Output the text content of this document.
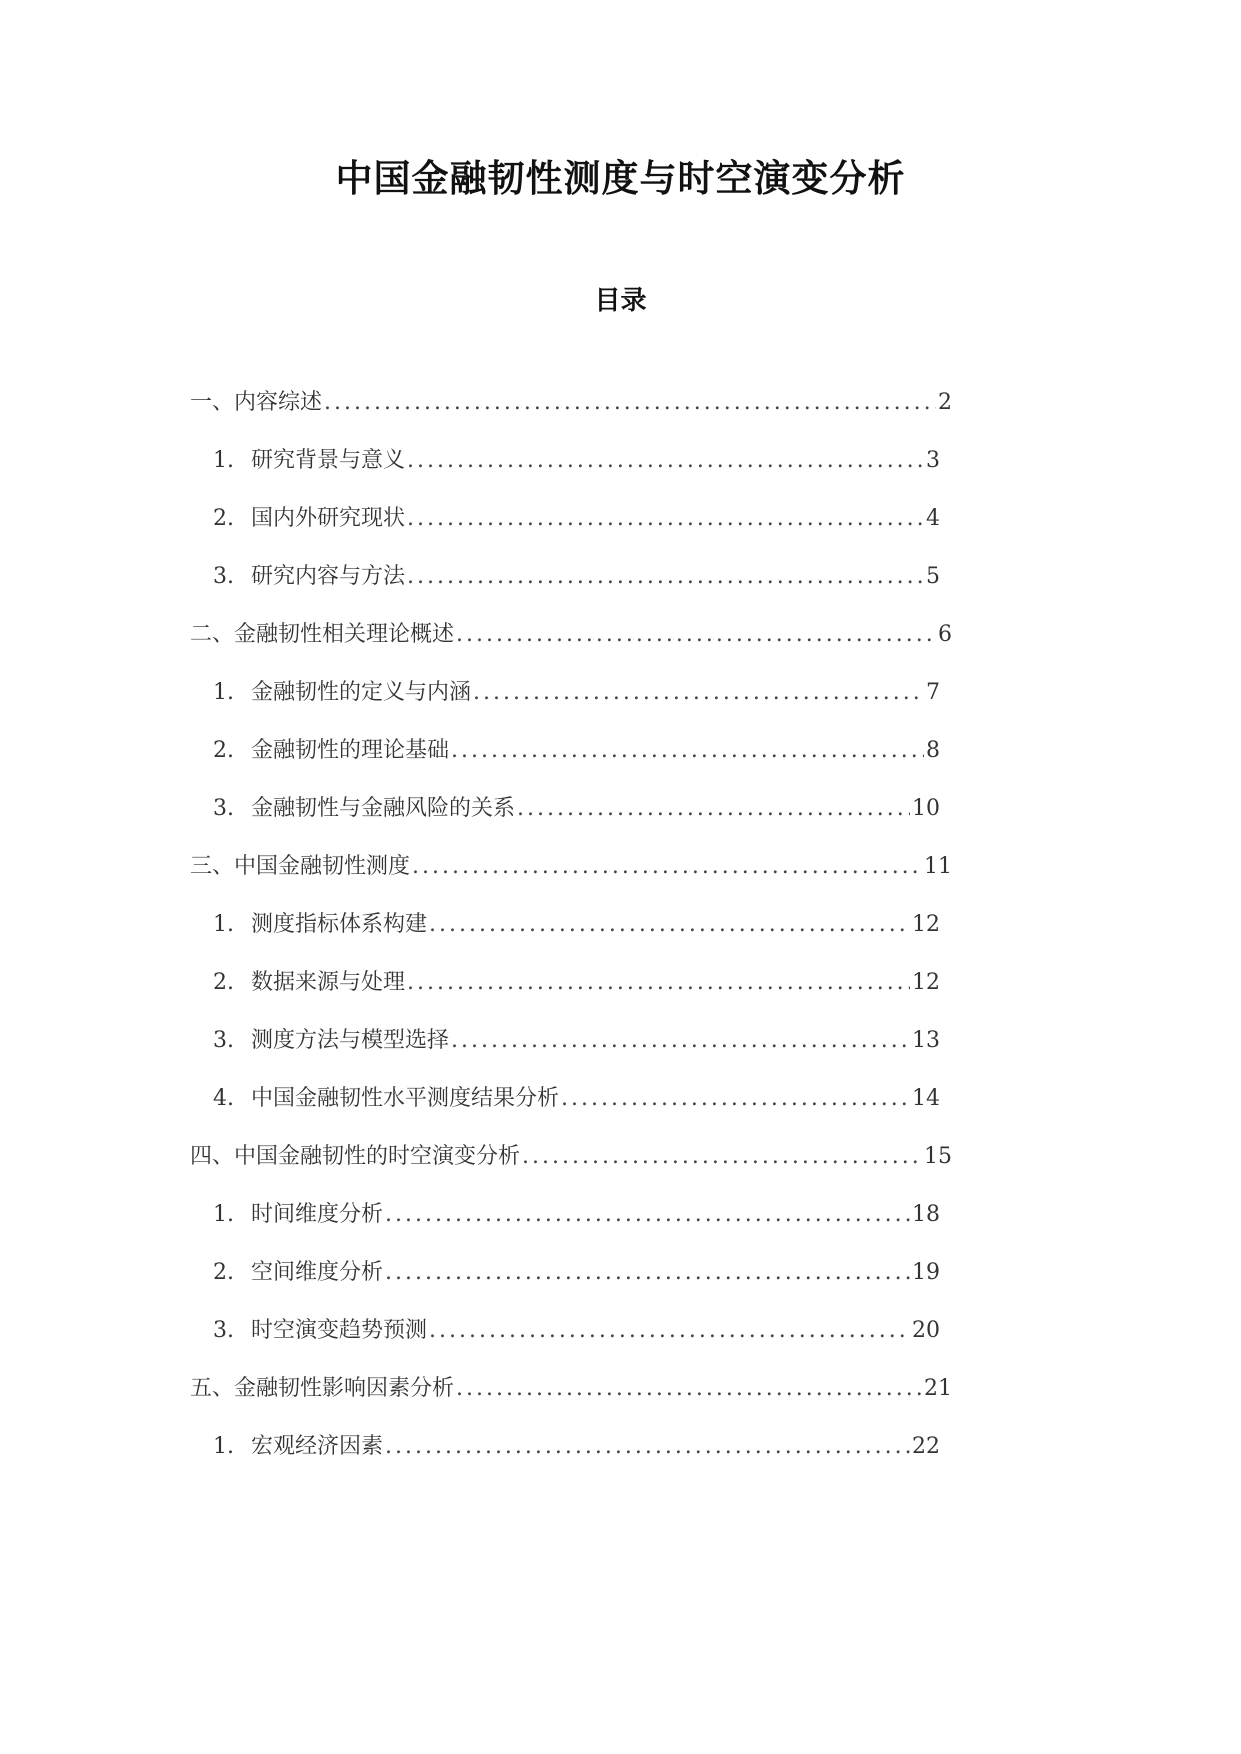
中国金融韧性测度与时空演变分析
目录
一、内容综述 .....	2
1. 研究背景与意义 .....	3
2. 国内外研究现状 .....	4
3. 研究内容与方法 .....	5
二、金融韧性相关理论概述 .....	6
1. 金融韧性的定义与内涵 .....	7
2. 金融韧性的理论基础 .....	8
3. 金融韧性与金融风险的关系 .....	10
三、中国金融韧性测度 .....	11
1. 测度指标体系构建 .....	12
2. 数据来源与处理 .....	12
3. 测度方法与模型选择 .....	13
4. 中国金融韧性水平测度结果分析 .....	14
四、中国金融韧性的时空演变分析 .....	15
1. 时间维度分析 .....	18
2. 空间维度分析 .....	19
3. 时空演变趋势预测 .....	20
五、金融韧性影响因素分析 .....	21
1. 宏观经济因素 .....	22
